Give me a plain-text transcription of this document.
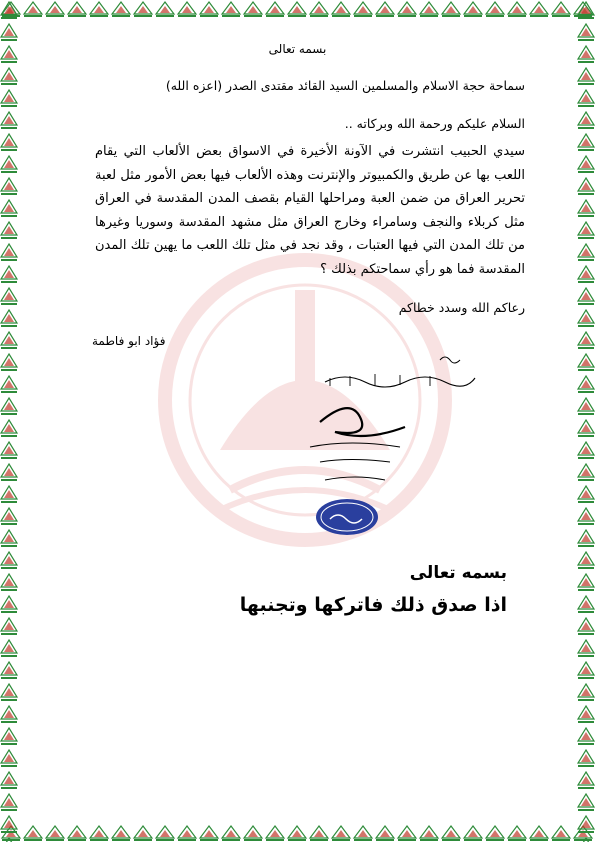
بسمه تعالى
سماحة حجة الاسلام والمسلمين السيد القائد مقتدى الصدر (اعزه الله)
السلام عليكم ورحمة الله وبركاته ..
سيدي الحبيب انتشرت في الآونة الأخيرة في الاسواق بعض الألعاب التي يقام اللعب بها عن طريق والكمبيوتر والإنترنت وهذه الألعاب فيها بعض الأمور مثل لعبة تحرير العراق من ضمن العبة ومراحلها القيام بقصف المدن المقدسة في العراق مثل كربلاء والنجف وسامراء وخارج العراق مثل مشهد المقدسة وسوريا وغيرها من تلك المدن التي فيها العتبات ، وقد نجد في مثل تلك اللعب ما يهين تلك المدن المقدسة فما هو رأي سماحتكم بذلك ؟
رعاكم الله وسدد خطاكم
فؤاد ابو فاطمة
بسمه تعالى
اذا صدق ذلك فاتركها وتجنبها
